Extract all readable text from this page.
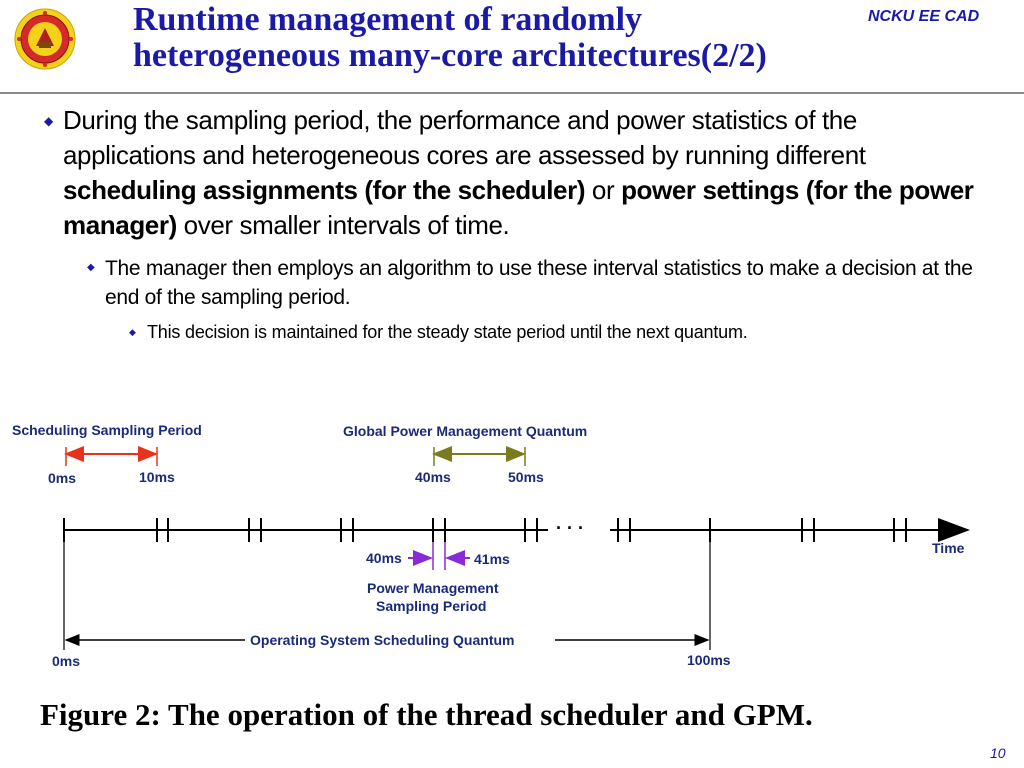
Runtime management of randomly
heterogeneous many-core architectures(2/2)
NCKU EE CAD
◆ During the sampling period, the performance and power statistics of the applications and heterogeneous cores are assessed by running different scheduling assignments (for the scheduler) or power settings (for the power manager) over smaller intervals of time.
◆ The manager then employs an algorithm to use these interval statistics to make a decision at the end of the sampling period.
◆ This decision is maintained for the steady state period until the next quantum.
Scheduling Sampling Period	Global Power Management Quantum
0ms	10ms	40ms	50ms
· · ·
Time
40ms	41ms
Power Management
Sampling Period
Operating System Scheduling Quantum
0ms	100ms
Figure 2: The operation of the thread scheduler and GPM.
10
